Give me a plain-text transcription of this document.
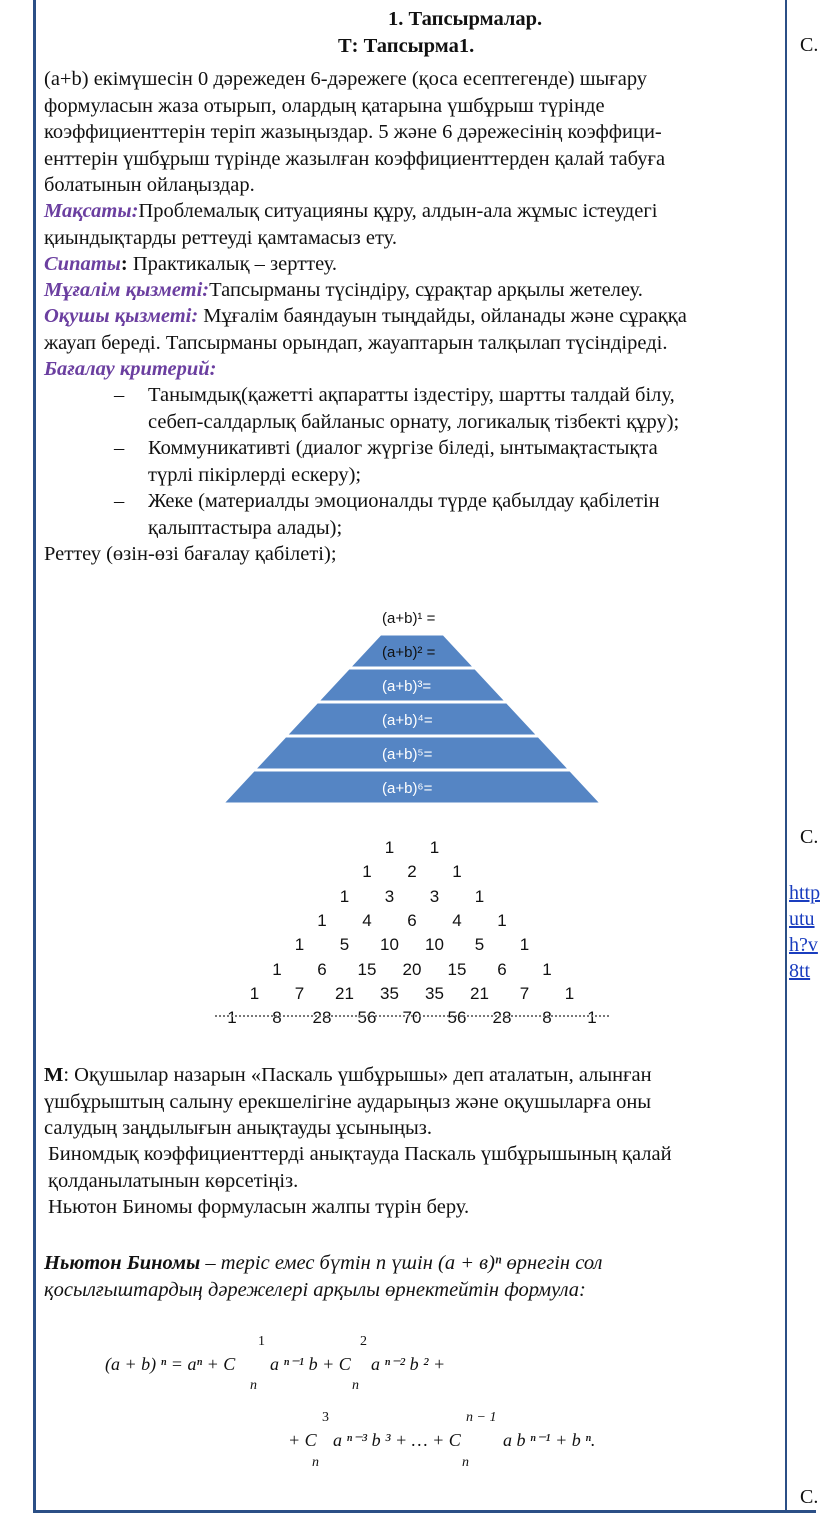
1. Тапсырмалар.
Т: Тапсырма1.
(a+b) екімүшесін 0 дәрежеден 6-дәрежеге (қоса есептегенде) шығару
формуласын жаза отырып, олардың қатарына үшбұрыш түрінде
коэффициенттерін теріп жазыңыздар. 5 және 6 дәрежесінің коэффици-
енттерін үшбұрыш түрінде жазылған коэффициенттерден қалай табуға
болатынын ойлаңыздар.
Мақсаты:Проблемалық ситуацияны құру, алдын-ала жұмыс істеудегі
қиындықтарды реттеуді қамтамасыз ету.
Сипаты: Практикалық – зерттеу.
Мұғалім қызметі:Тапсырманы түсіндіру, сұрақтар арқылы жетелеу.
Оқушы қызметі: Мұғалім баяндауын тыңдайды, ойланады және сұраққа
жауап береді. Тапсырманы орындап, жауаптарын талқылап түсіндіреді.
Бағалау критерий:
– Танымдық(қажетті ақпаратты іздестіру, шартты талдай білу,
себеп-салдарлық байланыс орнату, логикалық тізбекті құру);
– Коммуникативті (диалог жүргізе біледі, ынтымақтастықта
түрлі пікірлерді ескеру);
– Жеке (материалды эмоционалды түрде қабылдау қабілетін
қалыптастыра алады);
Реттеу (өзін-өзі бағалау қабілеті);
(a+b)¹ =
(a+b)² =
(a+b)³=
(a+b)⁴=
(a+b)⁵=
(a+b)⁶=
1 1
1 2 1
1 3 3 1
1 4 6 4 1
1 5 10 10 5 1
1 6 15 20 15 6 1
1 7 21 35 35 21 7 1
1 8 28 56 70 56 28 8 1
М: Оқушылар назарын «Паскаль үшбұрышы» деп аталатын, алынған
үшбұрыштың салыну ерекшелігіне аударыңыз және оқушыларға оны
салудың заңдылығын анықтауды ұсыныңыз.
Биномдық коэффициенттерді анықтауда Паскаль үшбұрышының қалай
қолданылатынын көрсетіңіз.
Ньютон Биномы формуласын жалпы түрін беру.
Ньютон Биномы – теріс емес бүтін n үшін (a + в)ⁿ өрнегін сол
қосылғыштардың дәрежелері арқылы өрнектейтін формула:
(a + b) ⁿ = aⁿ + C
1
n
a ⁿ⁻¹ b + C
2
n
a ⁿ⁻² b ² +
+ C
3
n
a ⁿ⁻³ b ³ + … + C
n − 1
n
a b ⁿ⁻¹ + b ⁿ.
С.
С.
http
utu
h?v
8tt
С.
